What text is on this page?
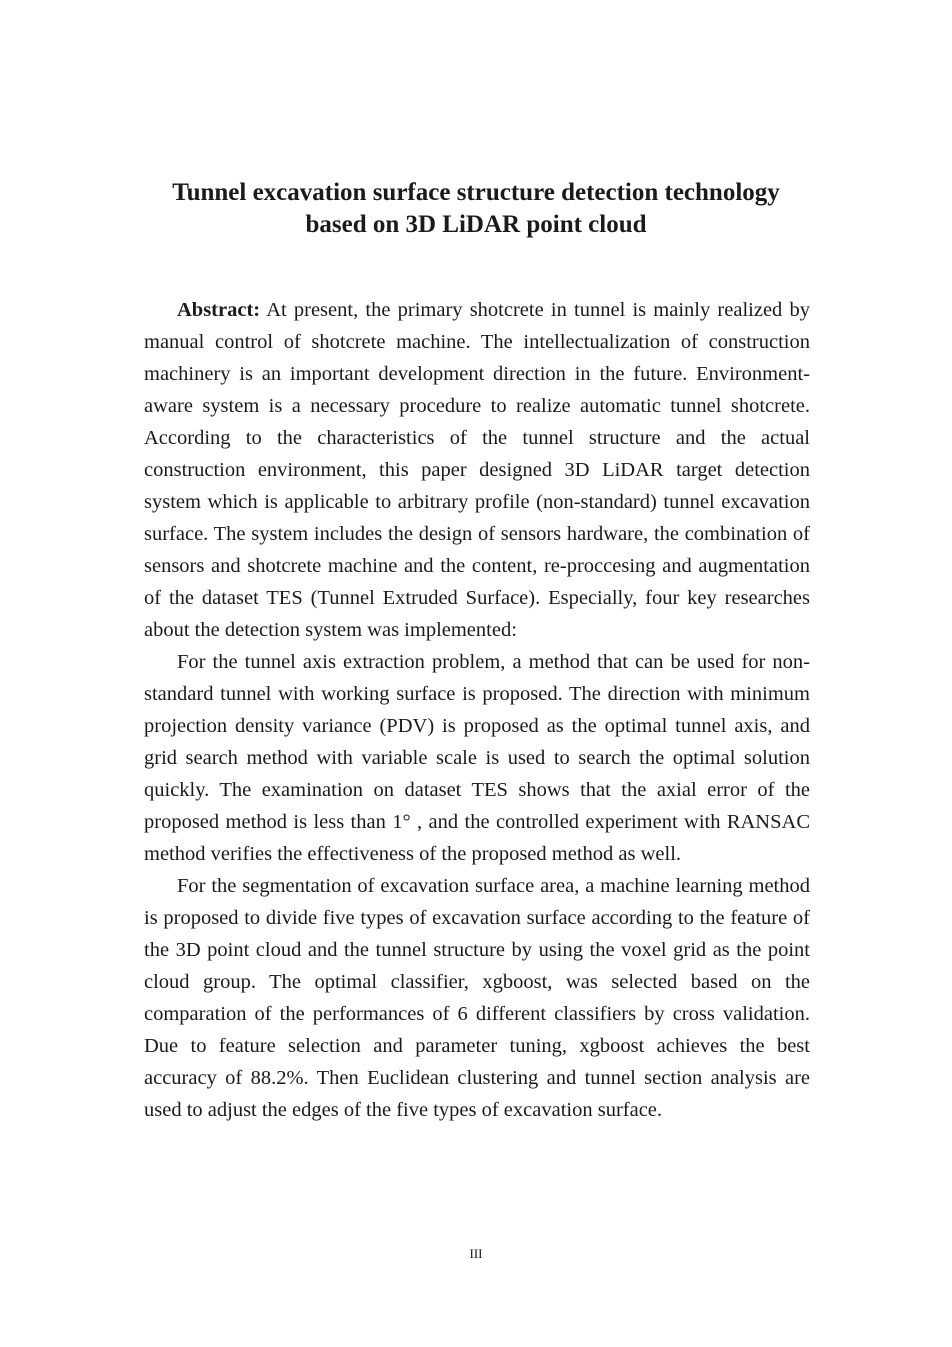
Tunnel excavation surface structure detection technology
based on 3D LiDAR point cloud

Abstract: At present, the primary shotcrete in tunnel is mainly realized by manual control of shotcrete machine. The intellectualization of construction machinery is an important development direction in the future. Environment-aware system is a necessary procedure to realize automatic tunnel shotcrete. According to the characteristics of the tunnel structure and the actual construction environment, this paper designed 3D LiDAR target detection system which is applicable to arbitrary profile (non-standard) tunnel excavation surface. The system includes the design of sensors hardware, the combination of sensors and shotcrete machine and the content, re-proccesing and augmentation of the dataset TES (Tunnel Extruded Surface). Especially, four key researches about the detection system was implemented:

For the tunnel axis extraction problem, a method that can be used for non-standard tunnel with working surface is proposed. The direction with minimum projection density variance (PDV) is proposed as the optimal tunnel axis, and grid search method with variable scale is used to search the optimal solution quickly. The examination on dataset TES shows that the axial error of the proposed method is less than 1° , and the controlled experiment with RANSAC method verifies the effectiveness of the proposed method as well.

For the segmentation of excavation surface area, a machine learning method is proposed to divide five types of excavation surface according to the feature of the 3D point cloud and the tunnel structure by using the voxel grid as the point cloud group. The optimal classifier, xgboost, was selected based on the comparation of the performances of 6 different classifiers by cross validation. Due to feature selection and parameter tuning, xgboost achieves the best accuracy of 88.2%. Then Euclidean clustering and tunnel section analysis are used to adjust the edges of the five types of excavation surface.

III
